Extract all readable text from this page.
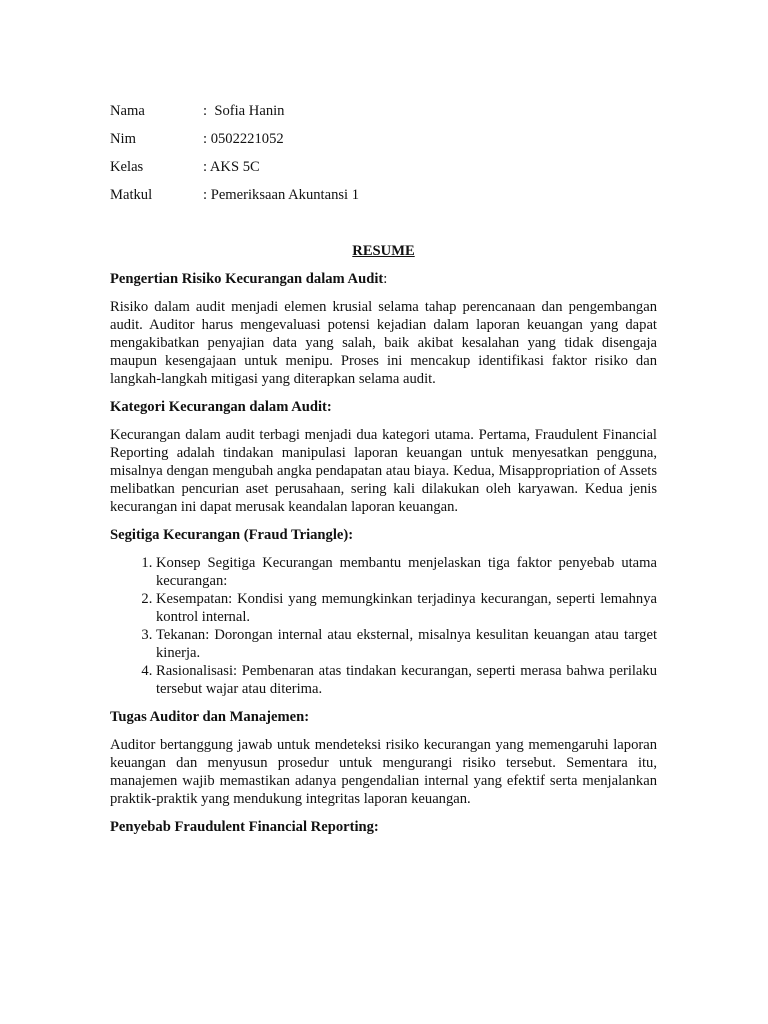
Nama	:  Sofia Hanin
Nim	: 0502221052
Kelas	: AKS 5C
Matkul	: Pemeriksaan Akuntansi 1

RESUME

Pengertian Risiko Kecurangan dalam Audit:

Risiko dalam audit menjadi elemen krusial selama tahap perencanaan dan pengembangan audit. Auditor harus mengevaluasi potensi kejadian dalam laporan keuangan yang dapat mengakibatkan penyajian data yang salah, baik akibat kesalahan yang tidak disengaja maupun kesengajaan untuk menipu. Proses ini mencakup identifikasi faktor risiko dan langkah-langkah mitigasi yang diterapkan selama audit.

Kategori Kecurangan dalam Audit:

Kecurangan dalam audit terbagi menjadi dua kategori utama. Pertama, Fraudulent Financial Reporting adalah tindakan manipulasi laporan keuangan untuk menyesatkan pengguna, misalnya dengan mengubah angka pendapatan atau biaya. Kedua, Misappropriation of Assets melibatkan pencurian aset perusahaan, sering kali dilakukan oleh karyawan. Kedua jenis kecurangan ini dapat merusak keandalan laporan keuangan.

Segitiga Kecurangan (Fraud Triangle):

1. Konsep Segitiga Kecurangan membantu menjelaskan tiga faktor penyebab utama kecurangan:
2. Kesempatan: Kondisi yang memungkinkan terjadinya kecurangan, seperti lemahnya kontrol internal.
3. Tekanan: Dorongan internal atau eksternal, misalnya kesulitan keuangan atau target kinerja.
4. Rasionalisasi: Pembenaran atas tindakan kecurangan, seperti merasa bahwa perilaku tersebut wajar atau diterima.

Tugas Auditor dan Manajemen:

Auditor bertanggung jawab untuk mendeteksi risiko kecurangan yang memengaruhi laporan keuangan dan menyusun prosedur untuk mengurangi risiko tersebut. Sementara itu, manajemen wajib memastikan adanya pengendalian internal yang efektif serta menjalankan praktik-praktik yang mendukung integritas laporan keuangan.

Penyebab Fraudulent Financial Reporting:
